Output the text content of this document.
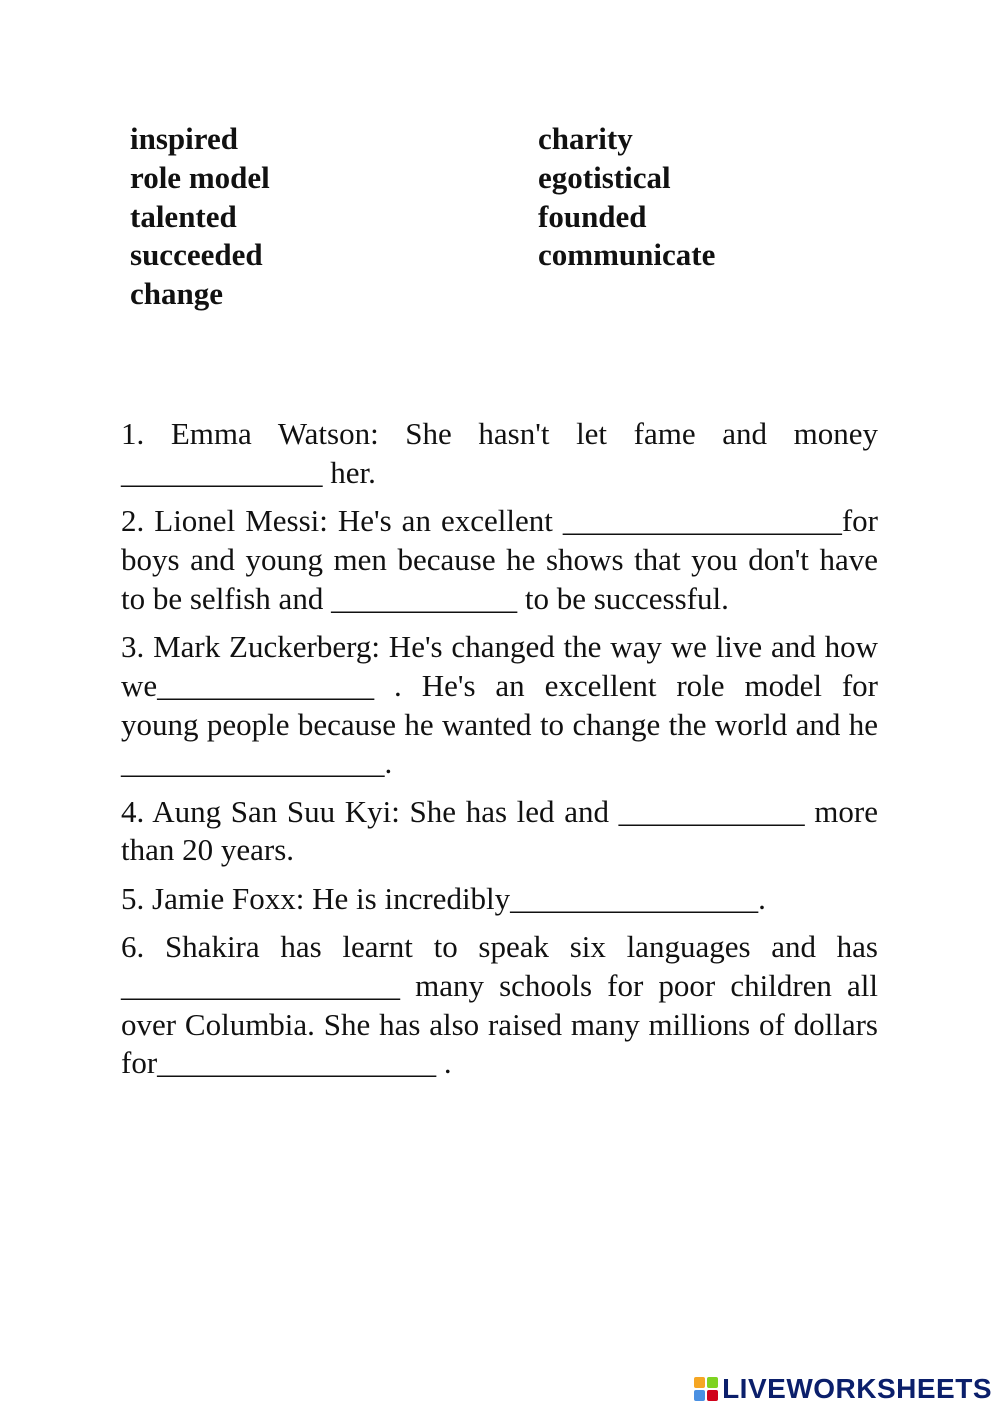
inspired
role model
talented
succeeded
change
charity
egotistical
founded
communicate

1. Emma Watson: She hasn't let fame and money _____________ her.

2. Lionel Messi: He's an excellent __________________for boys and young men because he shows that you don't have to be selfish and ____________ to be successful.

3. Mark Zuckerberg: He's changed the way we live and how we______________ . He's an excellent role model for young people because he wanted to change the world and he _________________.

4. Aung San Suu Kyi: She has led and ____________ more than 20 years.

5. Jamie Foxx: He is incredibly________________.

6. Shakira has learnt to speak six languages and has __________________ many schools for poor children all over Columbia. She has also raised many millions of dollars for__________________ .

LIVEWORKSHEETS
